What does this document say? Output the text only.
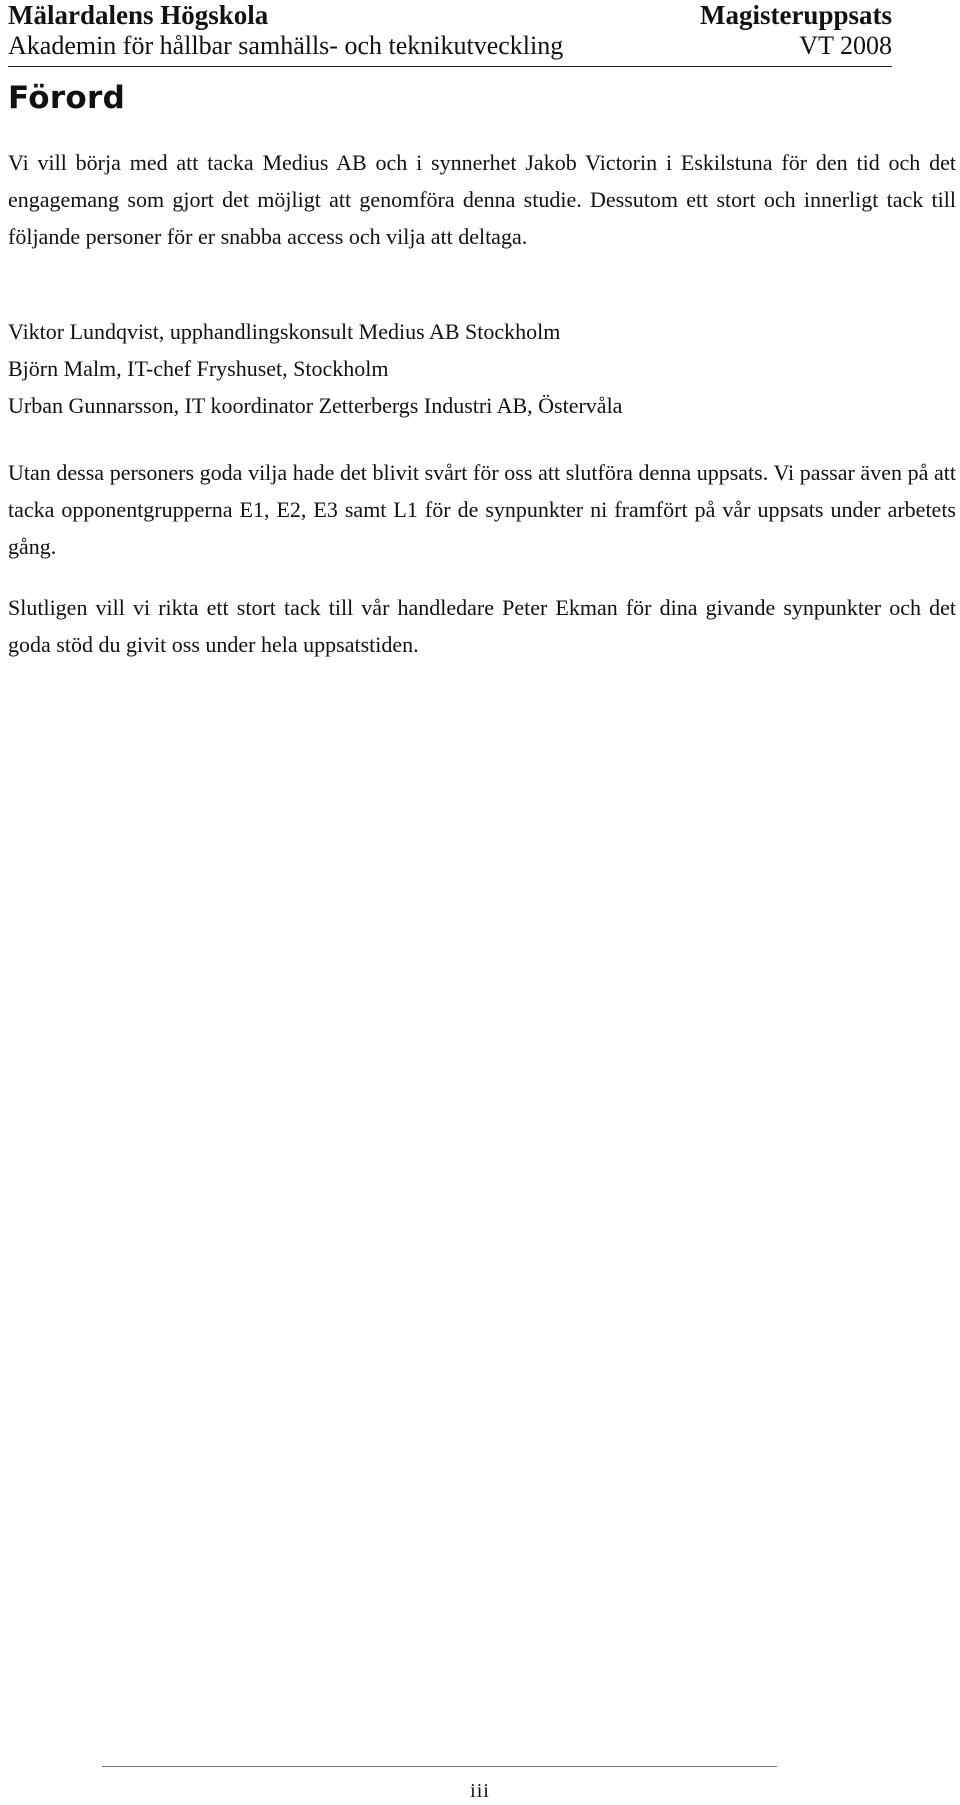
Mälardalens Högskola	Magisteruppsats
Akademin för hållbar samhälls- och teknikutveckling	VT 2008
Förord

Vi vill börja med att tacka Medius AB och i synnerhet Jakob Victorin i Eskilstuna för den tid och det engagemang som gjort det möjligt att genomföra denna studie. Dessutom ett stort och innerligt tack till följande personer för er snabba access och vilja att deltaga.

Viktor Lundqvist, upphandlingskonsult Medius AB Stockholm
Björn Malm, IT-chef Fryshuset, Stockholm
Urban Gunnarsson, IT koordinator Zetterbergs Industri AB, Östervåla

Utan dessa personers goda vilja hade det blivit svårt för oss att slutföra denna uppsats. Vi passar även på att tacka opponentgrupperna E1, E2, E3 samt L1 för de synpunkter ni framfört på vår uppsats under arbetets gång.

Slutligen vill vi rikta ett stort tack till vår handledare Peter Ekman för dina givande synpunkter och det goda stöd du givit oss under hela uppsatstiden.

iii
